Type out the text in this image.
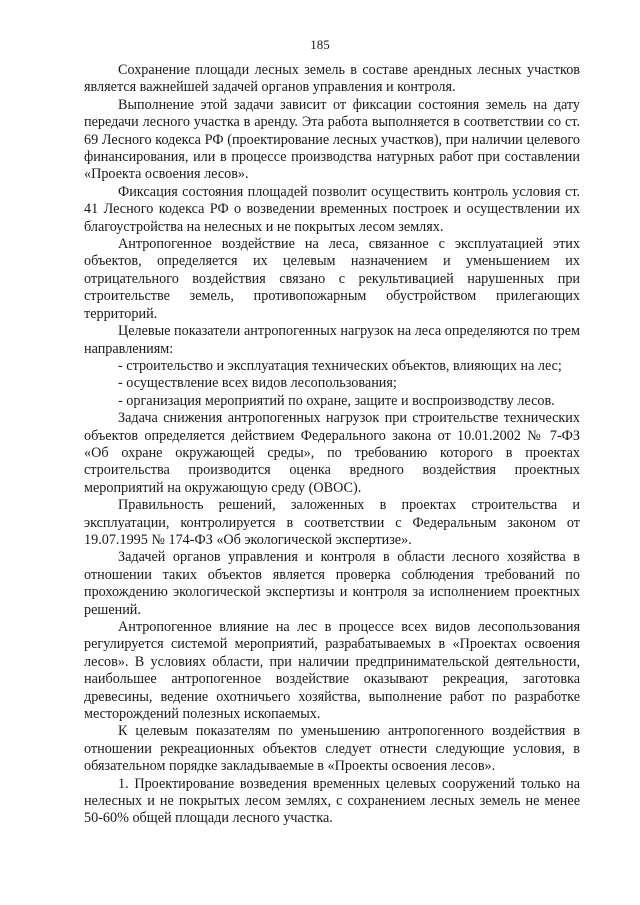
185

Сохранение площади лесных земель в составе арендных лесных участков является важнейшей задачей органов управления и контроля.

Выполнение этой задачи зависит от фиксации состояния земель на дату передачи лесного участка в аренду. Эта работа выполняется в соответствии со ст. 69 Лесного кодекса РФ (проектирование лесных участков), при наличии целевого финансирования, или в процессе производства натурных работ при составлении «Проекта освоения лесов».

Фиксация состояния площадей позволит осуществить контроль условия ст. 41 Лесного кодекса РФ о возведении временных построек и осуществлении их благоустройства на нелесных и не покрытых лесом землях.

Антропогенное воздействие на леса, связанное с эксплуатацией этих объектов, определяется их целевым назначением и уменьшением их отрицательного воздействия связано с рекультивацией нарушенных при строительстве земель, противопожарным обустройством прилегающих территорий.

Целевые показатели антропогенных нагрузок на леса определяются по трем направлениям:

- строительство и эксплуатация технических объектов, влияющих на лес;

- осуществление всех видов лесопользования;

- организация мероприятий по охране, защите и воспроизводству лесов.

Задача снижения антропогенных нагрузок при строительстве технических объектов определяется действием Федерального закона от 10.01.2002 № 7-ФЗ «Об охране окружающей среды», по требованию которого в проектах строительства производится оценка вредного воздействия проектных мероприятий на окружающую среду (ОВОС).

Правильность решений, заложенных в проектах строительства и эксплуатации, контролируется в соответствии с Федеральным законом от 19.07.1995 № 174-ФЗ «Об экологической экспертизе».

Задачей органов управления и контроля в области лесного хозяйства в отношении таких объектов является проверка соблюдения требований по прохождению экологической экспертизы и контроля за исполнением проектных решений.

Антропогенное влияние на лес в процессе всех видов лесопользования регулируется системой мероприятий, разрабатываемых в «Проектах освоения лесов». В условиях области, при наличии предпринимательской деятельности, наибольшее антропогенное воздействие оказывают рекреация, заготовка древесины, ведение охотничьего хозяйства, выполнение работ по разработке месторождений полезных ископаемых.

К целевым показателям по уменьшению антропогенного воздействия в отношении рекреационных объектов следует отнести следующие условия, в обязательном порядке закладываемые в «Проекты освоения лесов».

1. Проектирование возведения временных целевых сооружений только на нелесных и не покрытых лесом землях, с сохранением лесных земель не менее 50-60% общей площади лесного участка.
